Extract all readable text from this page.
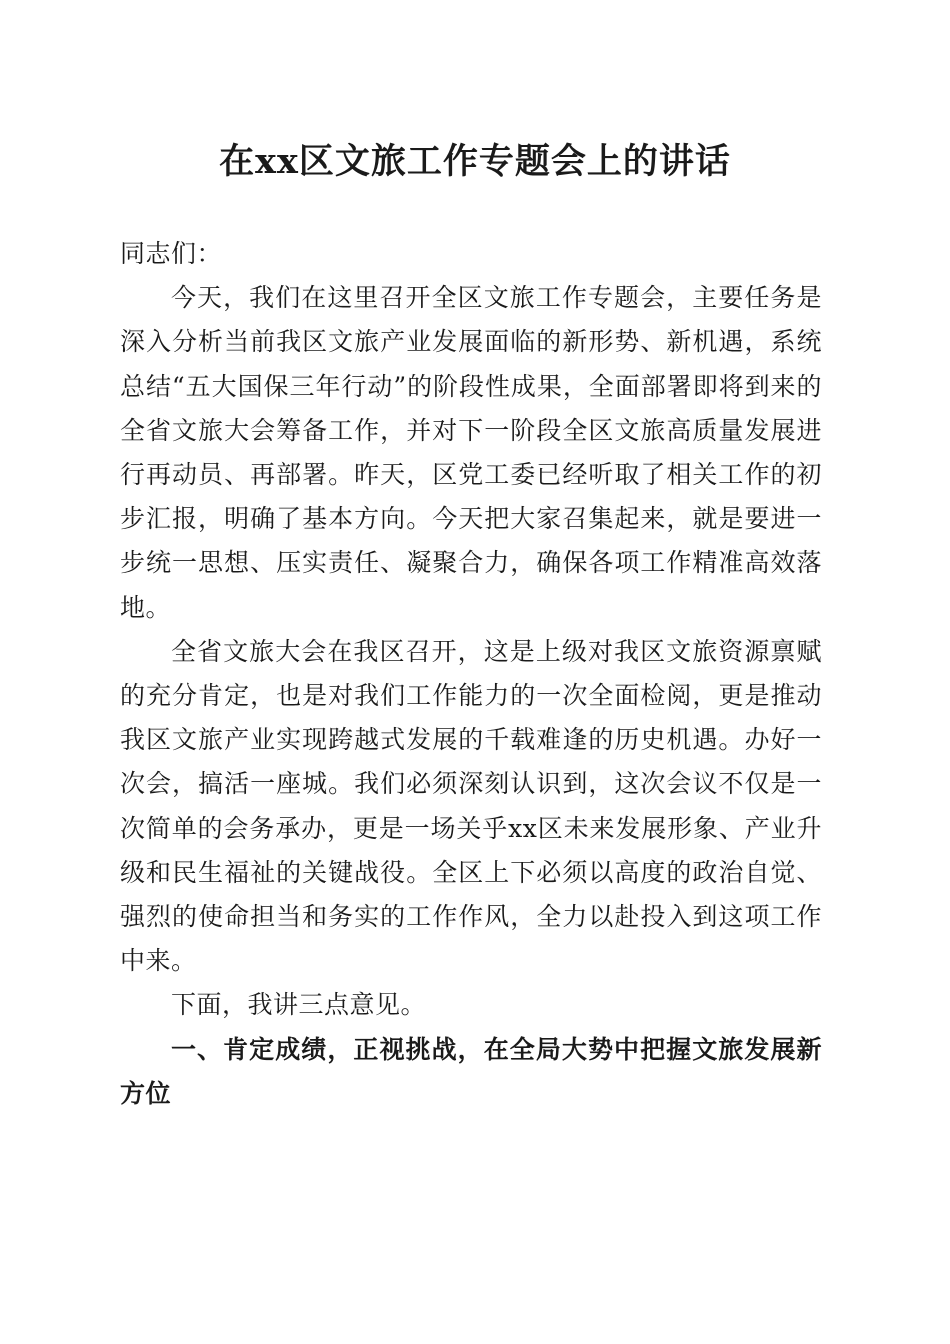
在xx区文旅工作专题会上的讲话

同志们：

今天，我们在这里召开全区文旅工作专题会，主要任务是深入分析当前我区文旅产业发展面临的新形势、新机遇，系统总结“五大国保三年行动”的阶段性成果，全面部署即将到来的全省文旅大会筹备工作，并对下一阶段全区文旅高质量发展进行再动员、再部署。昨天，区党工委已经听取了相关工作的初步汇报，明确了基本方向。今天把大家召集起来，就是要进一步统一思想、压实责任、凝聚合力，确保各项工作精准高效落地。

全省文旅大会在我区召开，这是上级对我区文旅资源禀赋的充分肯定，也是对我们工作能力的一次全面检阅，更是推动我区文旅产业实现跨越式发展的千载难逢的历史机遇。办好一次会，搞活一座城。我们必须深刻认识到，这次会议不仅是一次简单的会务承办，更是一场关乎xx区未来发展形象、产业升级和民生福祉的关键战役。全区上下必须以高度的政治自觉、强烈的使命担当和务实的工作作风，全力以赴投入到这项工作中来。

下面，我讲三点意见。

一、肯定成绩，正视挑战，在全局大势中把握文旅发展新方位
